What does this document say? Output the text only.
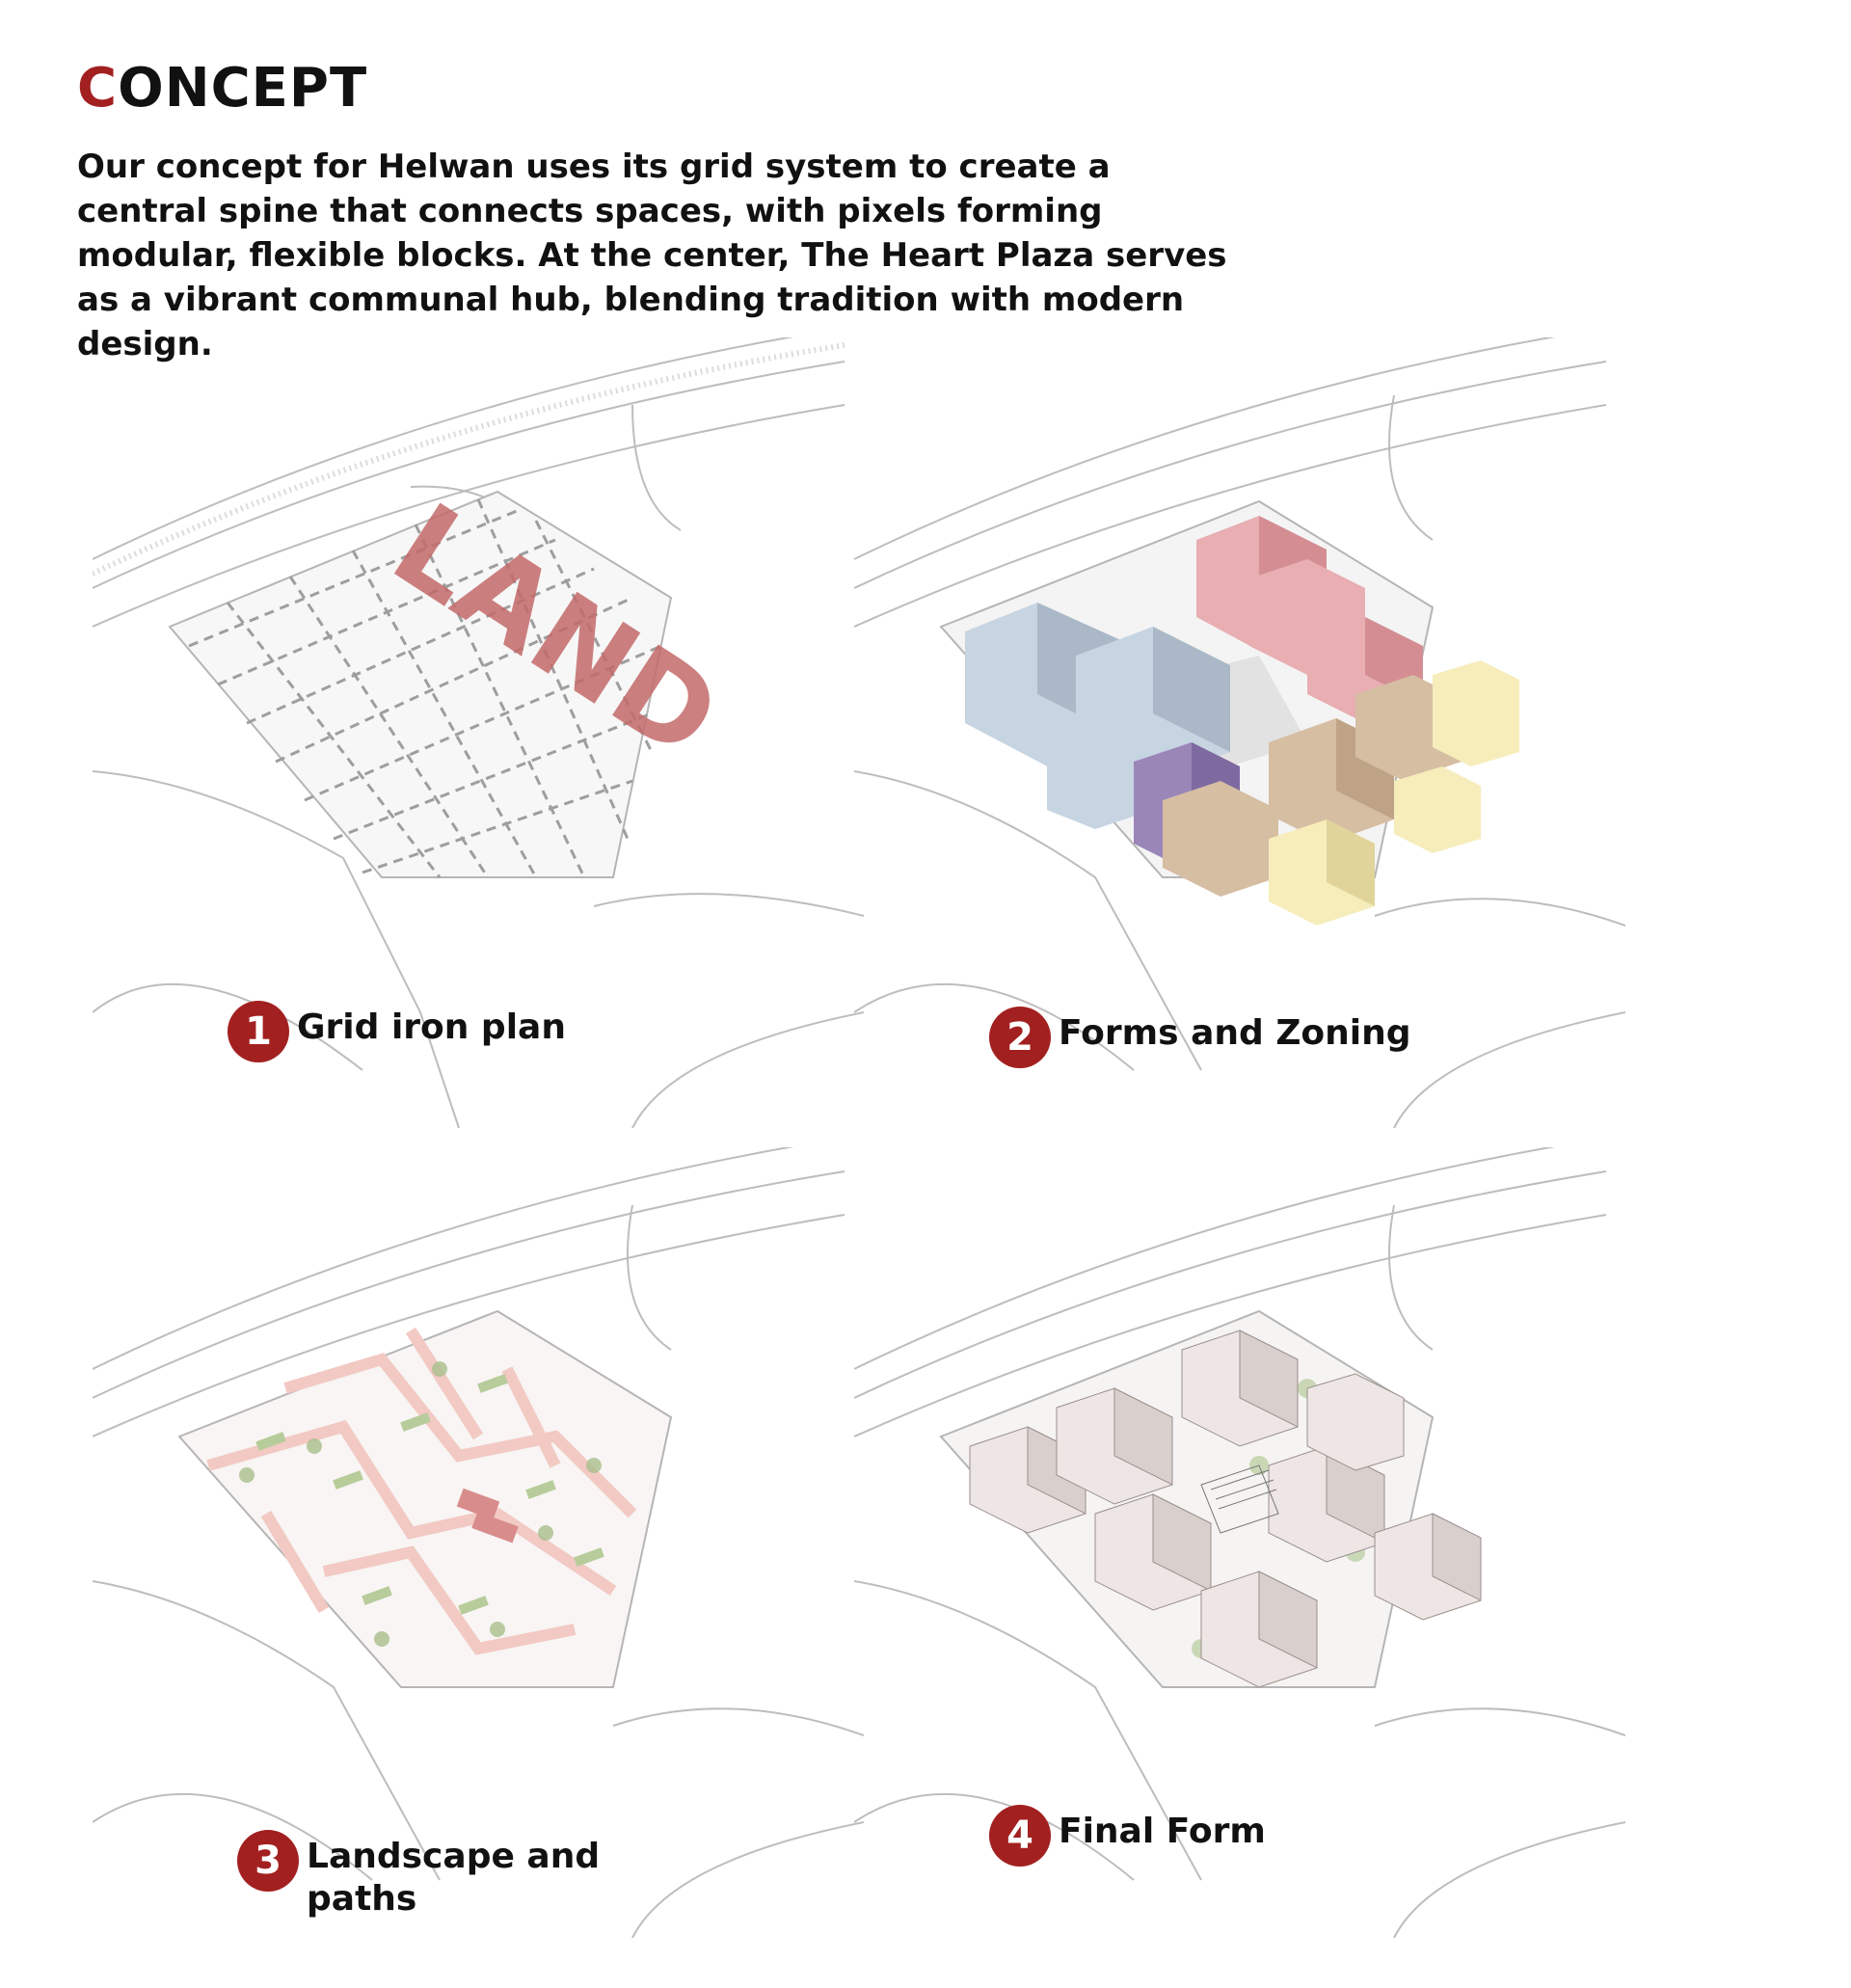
CONCEPT
Our concept for Helwan uses its grid system to create a central spine that connects spaces, with pixels forming modular, flexible blocks. At the center, The Heart Plaza serves as a vibrant communal hub, blending tradition with modern design.
LAND
1 Grid iron plan	2 Forms and Zoning
3 Landscape and
paths
4 Final Form
